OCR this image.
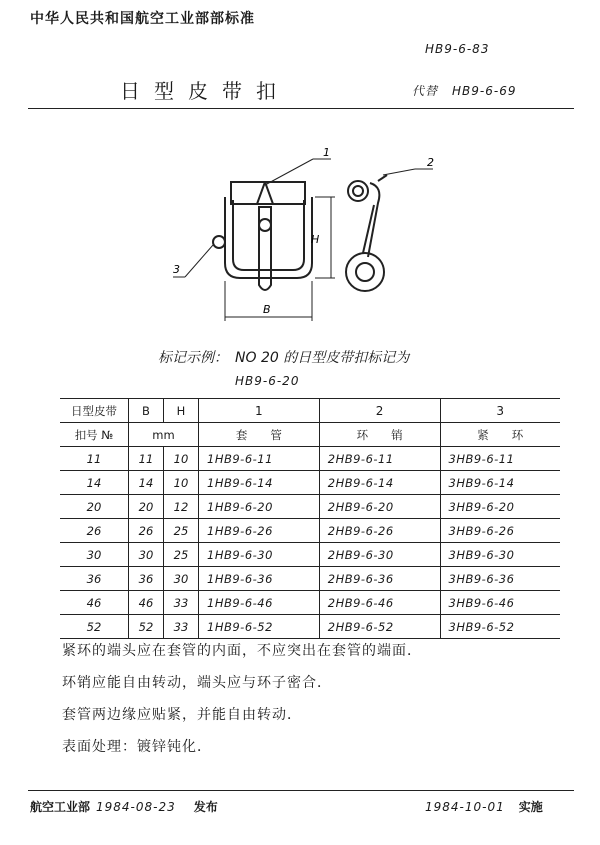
中华人民共和国航空工业部部标准
HB9-6-83
日型皮带扣	代替 HB9-6-69
1
2
3
H
B
标记示例：　NO 20 的日型皮带扣标记为
HB9-6-20
日型皮带	B	H	1	2	3
扣号 №	mm		套　　管	环　　销	紧　　环
11	11	10	1HB9-6-11	2HB9-6-11	3HB9-6-11
14	14	10	1HB9-6-14	2HB9-6-14	3HB9-6-14
20	20	12	1HB9-6-20	2HB9-6-20	3HB9-6-20
26	26	25	1HB9-6-26	2HB9-6-26	3HB9-6-26
30	30	25	1HB9-6-30	2HB9-6-30	3HB9-6-30
36	36	30	1HB9-6-36	2HB9-6-36	3HB9-6-36
46	46	33	1HB9-6-46	2HB9-6-46	3HB9-6-46
52	52	33	1HB9-6-52	2HB9-6-52	3HB9-6-52
紧环的端头应在套管的内面，不应突出在套管的端面．
环销应能自由转动，端头应与环子密合．
套管两边缘应贴紧，并能自由转动．
表面处理：镀锌钝化．
航空工业部 1984-08-23 发布	1984-10-01 实施
